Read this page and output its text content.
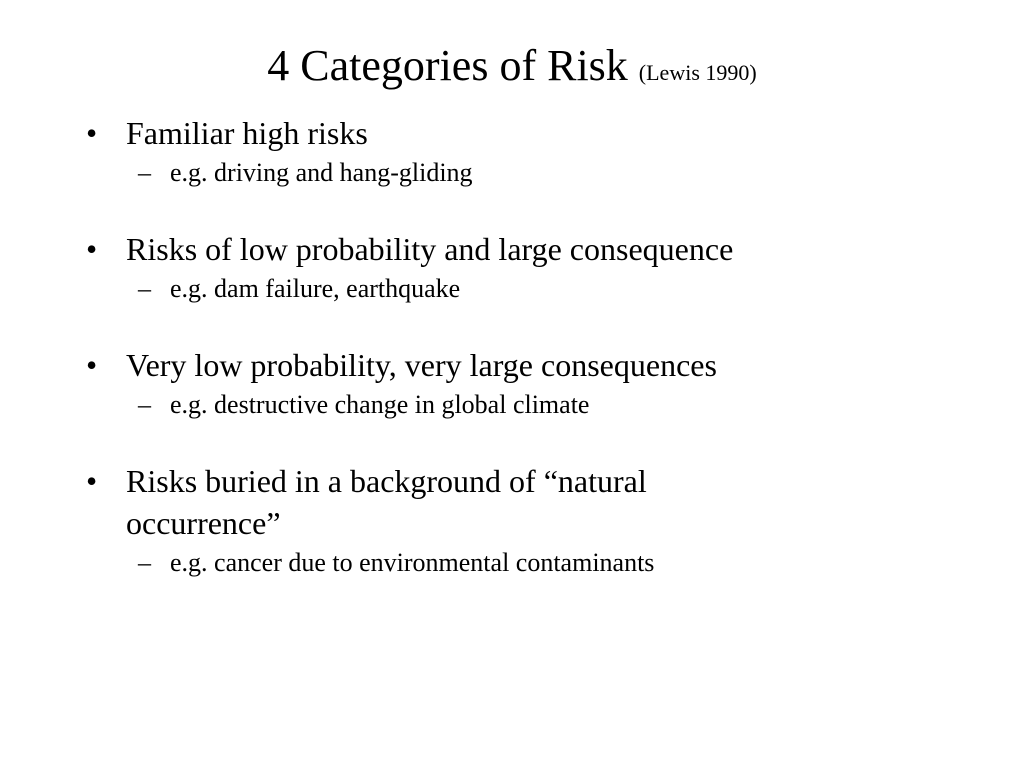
4 Categories of Risk (Lewis 1990)
• Familiar high risks
– e.g. driving and hang-gliding
• Risks of low probability and large consequence
– e.g. dam failure, earthquake
• Very low probability, very large consequences
– e.g. destructive change in global climate
• Risks buried in a background of “natural occurrence”
– e.g. cancer due to environmental contaminants
